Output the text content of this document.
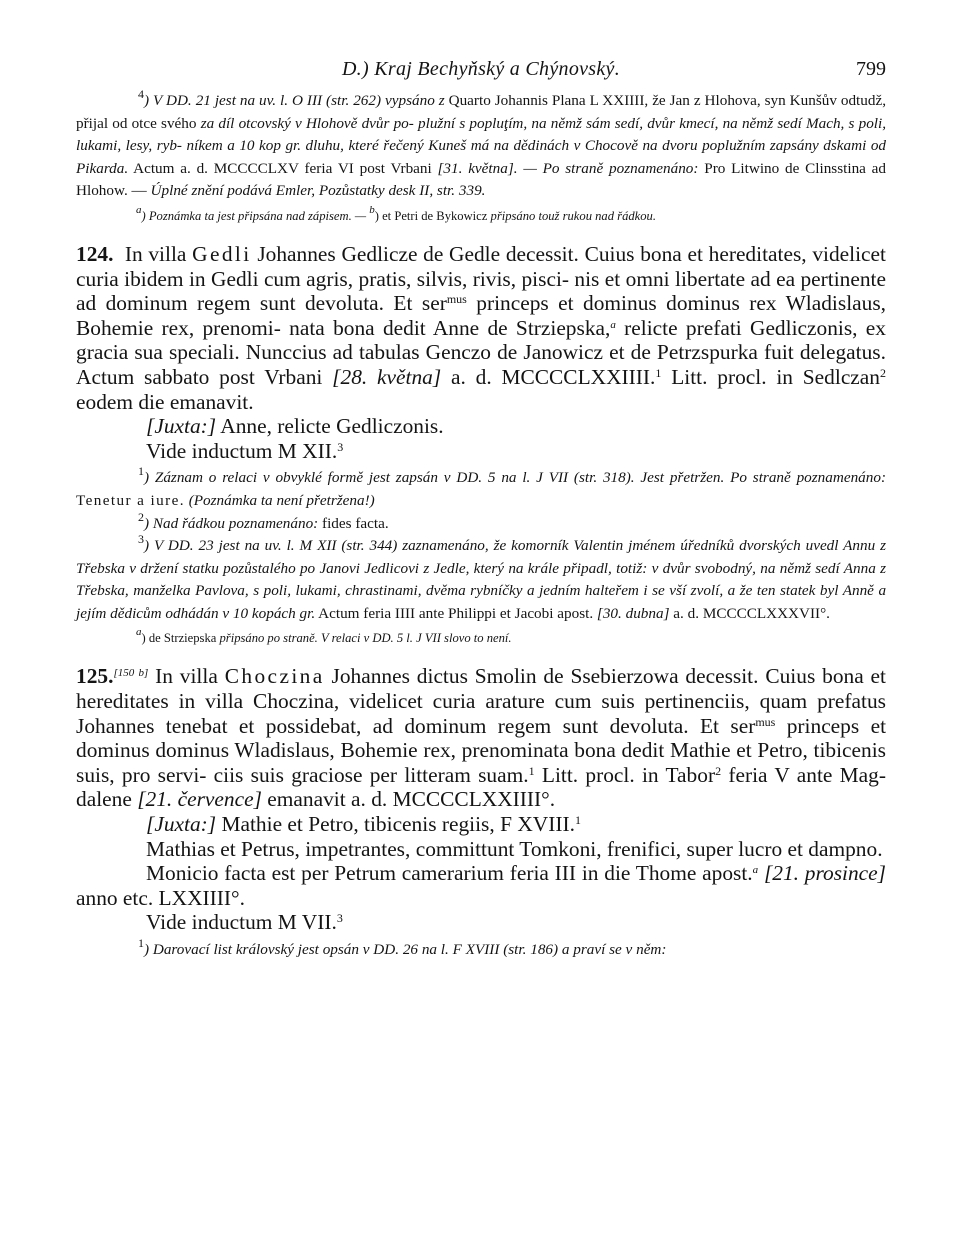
D.) Kraj Bechyňský a Chýnovský.	799

$^4$) V DD. 21 jest na uv. l. O III (str. 262) vypsáno z Quarto Johannis Plana L XXIIII, že Jan z Hlohova, syn Kunšův odtudž, přijal od otce svého za díl otcovský v Hlohově dvůr po- plužní s popluţím, na němž sám sedí, dvůr kmecí, na němž sedí Mach, s poli, lukami, lesy, ryb- níkem a 10 kop gr. dluhu, které řečený Kuneš má na dědinách v Chocově na dvoru poplužním zapsány dskami od Pikarda. Actum a. d. MCCCCLXV feria VI post Vrbani [31. května]. — Po straně poznamenáno: Pro Litwino de Clinsstina ad Hlohow. — Úplné znění podává Emler, Pozůstatky desk II, str. 339.

a) Poznámka ta jest připsána nad zápisem. — b) et Petri de Bykowicz připsáno touž rukou nad řádkou.

124. In villa Gedli Johannes Gedlicze de Gedle decessit. Cuius bona et hereditates, videlicet curia ibidem in Gedli cum agris, pratis, silvis, rivis, pisci- nis et omni libertate ad ea pertinente ad dominum regem sunt devoluta. Et ser$^{mus}$ princeps et dominus dominus rex Wladislaus, Bohemie rex, prenomi- nata bona dedit Anne de Strziepska,$^a$ relicte prefati Gedliczonis, ex gracia sua speciali. Nunccius ad tabulas Genczo de Janowicz et de Petrzspurka fuit delegatus. Actum sabbato post Vrbani [28. května] a. d. MCCCCLXXIIII.$^1$ Litt. procl. in Sedlczan$^2$ eodem die emanavit.

[Juxta:] Anne, relicte Gedliczonis.

Vide inductum M XII.$^3$

$^1$) Záznam o relaci v obvyklé formě jest zapsán v DD. 5 na l. J VII (str. 318). Jest přetržen. Po straně poznamenáno: Tenetur a iure. (Poznámka ta není přetržena!)

$^2$) Nad řádkou poznamenáno: fides facta.

$^3$) V DD. 23 jest na uv. l. M XII (str. 344) zaznamenáno, že komorník Valentin jménem úředníků dvorských uvedl Annu z Třebska v držení statku pozůstalého po Janovi Jedlicovi z Jedle, který na krále připadl, totiž: v dvůr svobodný, na němž sedí Anna z Třebska, manželka Pavlova, s poli, lukami, chrastinami, dvěma rybníčky a jedním halteřem i se vší zvolí, a že ten statek byl Anně a jejím dědicům odhádán v 10 kopách gr. Actum feria IIII ante Philippi et Jacobi apost. [30. dubna] a. d. MCCCCLXXXVII°.

a) de Strziepska připsáno po straně. V relaci v DD. 5 l. J VII slovo to není.

125.[150 b] In villa Choczina Johannes dictus Smolin de Ssebierzowa decessit. Cuius bona et hereditates in villa Choczina, videlicet curia arature cum suis pertinenciis, quam prefatus Johannes tenebat et possidebat, ad dominum regem sunt devoluta. Et ser$^{mus}$ princeps et dominus dominus Wladislaus, Bohemie rex, prenominata bona dedit Mathie et Petro, tibicenis suis, pro servi- ciis suis graciose per litteram suam.$^1$ Litt. procl. in Tabor$^2$ feria V ante Mag- dalene [21. července] emanavit a. d. MCCCCLXXIIII°.

[Juxta:] Mathie et Petro, tibicenis regiis, F XVIII.$^1$

Mathias et Petrus, impetrantes, committunt Tomkoni, frenifici, super lucro et dampno.

Monicio facta est per Petrum camerarium feria III in die Thome apost.$^a$ [21. prosince] anno etc. LXXIIII°.

Vide inductum M VII.$^3$

$^1$) Darovací list královský jest opsán v DD. 26 na l. F XVIII (str. 186) a praví se v něm:
